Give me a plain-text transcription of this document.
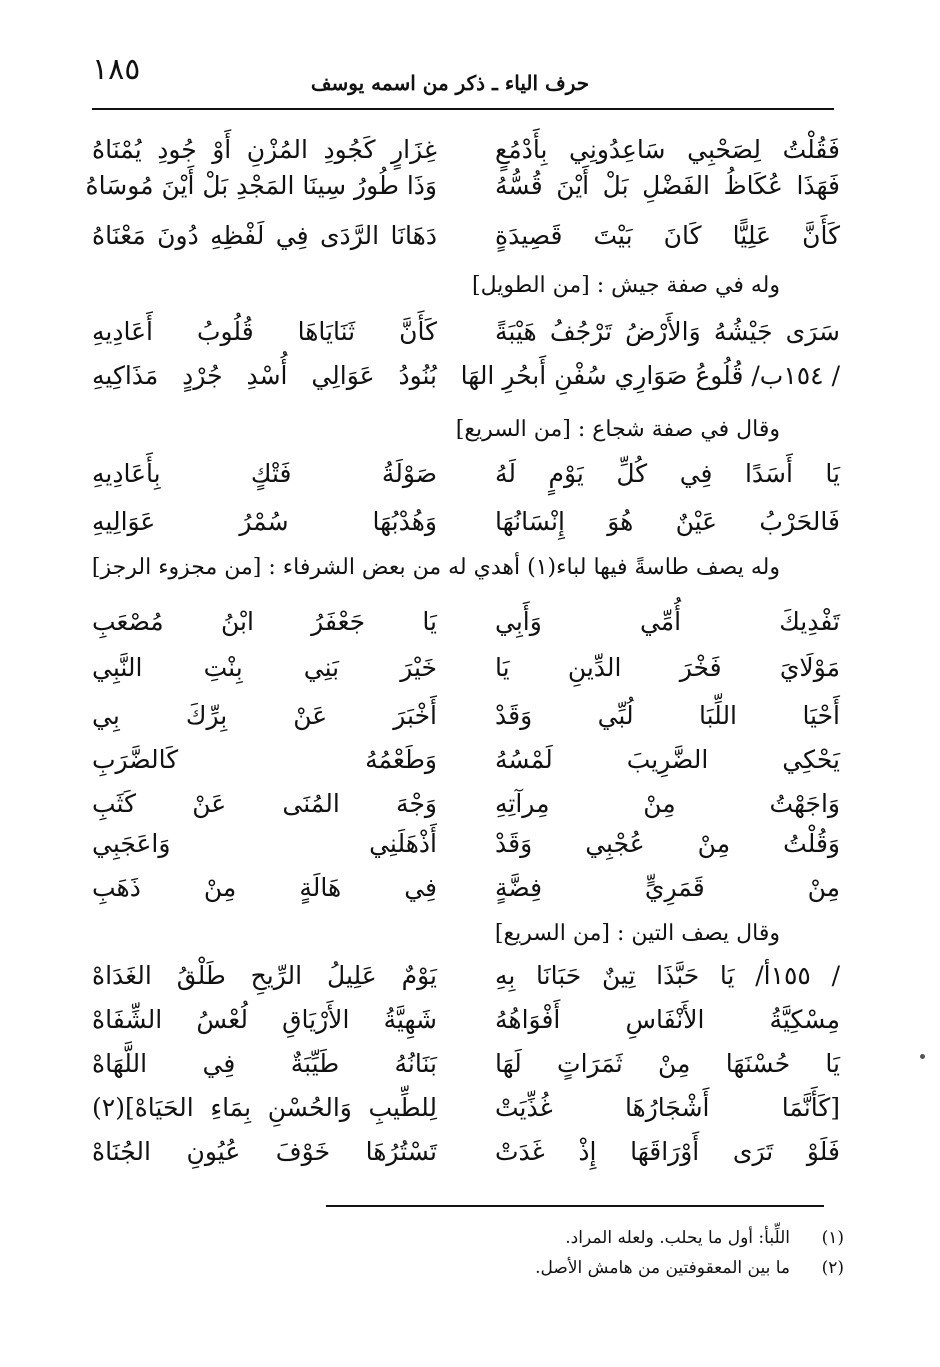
١٨٥	حرف الياء ـ ذكر من اسمه يوسف
فَقُلْتُ لِصَحْبِي سَاعِدُونِي بِأَدْمُعٍ
غِزَارٍ كَجُودِ المُزْنِ أَوْ جُودِ يُمْنَاهُ
فَهَذَا عُكَاظُ الفَضْلِ بَلْ أَيْنَ قُسُّهُ
وَذَا طُورُ سِينَا المَجْدِ بَلْ أَيْنَ مُوسَاهُ
كَأَنَّ عَلِيًّا كَانَ بَيْتَ قَصِيدَةٍ
دَهَانَا الرَّدَى فِي لَفْظِهِ دُونَ مَعْنَاهُ
وله في صفة جيش : [من الطويل]
سَرَى جَيْشُهُ وَالأَرْضُ تَرْجُفُ هَيْبَةً
كَأَنَّ ثَنَايَاهَا قُلُوبُ أَعَادِيهِ
/ ١٥٤ب/ قُلُوعُ صَوَارِي سُفْنِ أَبحُرِ الهَا
بُنُودُ عَوَالِي أُسْدِ جُرْدٍ مَذَاكِيهِ
وقال في صفة شجاع : [من السريع]
يَا أَسَدًا فِي كُلِّ يَوْمٍ لَهُ
صَوْلَةُ فَتْكٍ بِأَعَادِيهِ
فَالحَرْبُ عَيْنٌ هُوَ إِنْسَانُهَا
وَهُدْبُهَا سُمْرُ عَوَالِيهِ
وله يصف طاسةً فيها لباء(١) أهدي له من بعض الشرفاء : [من مجزوء الرجز]
تَفْدِيكَ أُمِّي وَأَبِي
يَا جَعْفَرُ ابْنُ مُصْعَبِ
مَوْلَايَ فَخْرَ الدِّينِ يَا
خَيْرَ بَنِي بِنْتِ النَّبِي
أَحْيَا اللِّبَا لُبِّي وَقَدْ
أَخْبَرَ عَنْ بِرِّكَ بِي
يَحْكِي الضَّرِيبَ لَمْسُهُ
وَطَعْمُهُ كَالضَّرَبِ
وَاجَهْتُ مِنْ مِرآتِهِ
وَجْهَ المُنَى عَنْ كَثَبِ
وَقُلْتُ مِنْ عُجْبِي وَقَدْ
أَذْهَلَنِي وَاعَجَبِي
مِنْ قَمَرِيٍّ فِضَّةٍ
فِي هَالَةٍ مِنْ ذَهَبِ
وقال يصف التين : [من السريع]
/ ١٥٥أ/ يَا حَبَّذَا تِينٌ حَبَانَا بِهِ
يَوْمٌ عَلِيلُ الرِّيحِ طَلْقُ الغَدَاهْ
مِسْكِيَّةُ الأَنْفَاسِ أَفْوَاهُهُ
شَهِيَّةُ الأَرْيَاقِ لُعْسُ الشِّفَاهْ
يَا حُسْنَهَا مِنْ ثَمَرَاتٍ لَهَا
بَنَانُهُ طَيِّبَةٌ فِي اللَّهَاهْ
[كَأَنَّمَا أَشْجَارُهَا غُذِّيَتْ
لِلطِّيبِ وَالحُسْنِ بِمَاءِ الحَيَاهْ](٢)
فَلَوْ تَرَى أَوْرَاقَهَا إِذْ غَدَتْ
تَسْتُرُهَا خَوْفَ عُيُونِ الجُنَاهْ
(١)اللِّبأ: أول ما يحلب. ولعله المراد.
(٢)ما بين المعقوفتين من هامش الأصل.
